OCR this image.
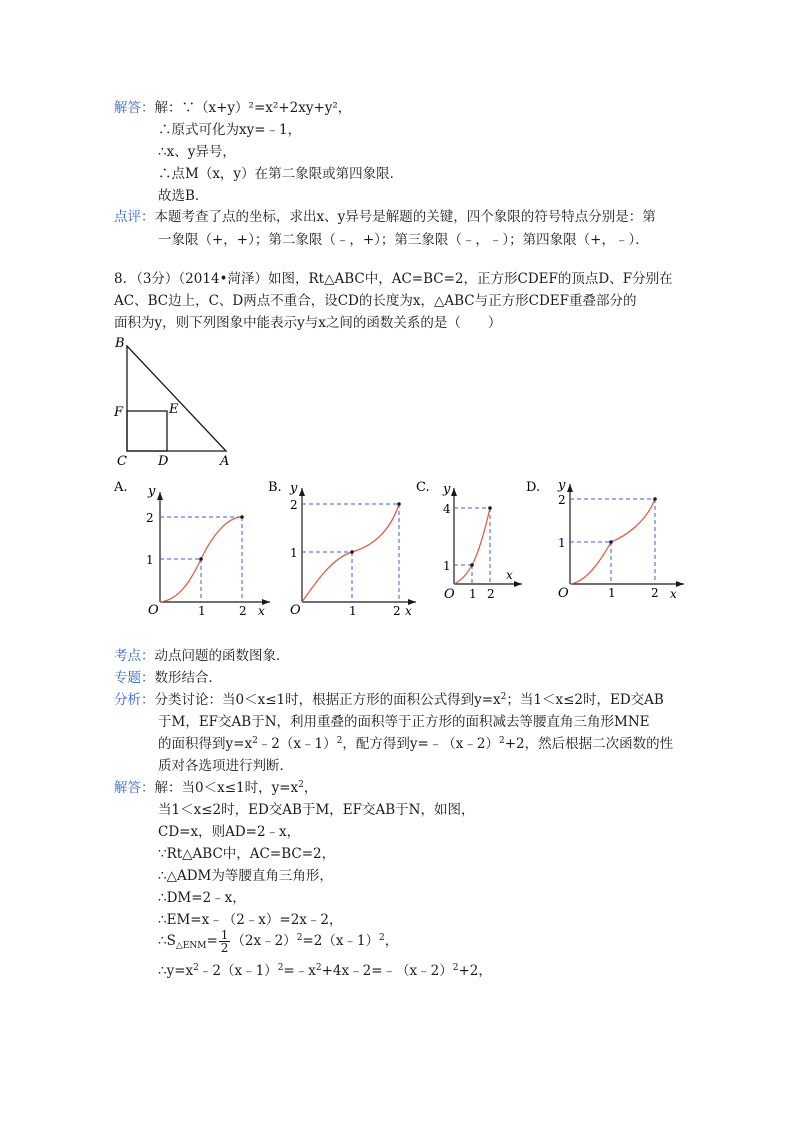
解答：解：∵（x+y）²=x²+2xy+y²，
∴原式可化为xy=﹣1，
∴x、y异号，
∴点M（x，y）在第二象限或第四象限．
故选B．
点评：本题考查了点的坐标，求出x、y异号是解题的关键，四个象限的符号特点分别是：第
一象限（+，+）；第二象限（﹣，+）；第三象限（﹣，﹣）；第四象限（+，﹣）．
8．（3分）（2014•菏泽）如图，Rt△ABC中，AC=BC=2，正方形CDEF的顶点D、F分别在
AC、BC边上，C、D两点不重合，设CD的长度为x，△ABC与正方形CDEF重叠部分的
面积为y，则下列图象中能表示y与x之间的函数关系的是（　　）
B
F	E
C D	A
A. y
x
O
1
2
1	2
B. y
x
O
1
2
1	2
C. y
x
O
1
4
1 2
D. y
x
O
1
2
1	2
考点：动点问题的函数图象．
专题：数形结合．
分析：分类讨论：当0＜x≤1时，根据正方形的面积公式得到$y=x^2$；当1＜x≤2时，ED交AB
于M，EF交AB于N，利用重叠的面积等于正方形的面积减去等腰直角三角形MNE
的面积得到$y=x^2﹣2(x﹣1)^2$，配方得到y=﹣（x﹣2）$^2$+2，然后根据二次函数的性
质对各选项进行判断．
解答：解：当0＜x≤1时，$y=x^2$，
当1＜x≤2时，ED交AB于M，EF交AB于N，如图，
CD=x，则AD=2﹣x，
∵Rt△ABC中，AC=BC=2，
∴△ADM为等腰直角三角形，
∴DM=2﹣x，
∴EM=x﹣（2﹣x）=2x﹣2，
$\therefore S_{\triangle ENM}= \frac{1}{2}$ （2x﹣2）$^2$=2（x﹣1）$^2$，
$\therefore y=x^2﹣2(x﹣1)^2=﹣x^2+4x﹣2=﹣(x﹣2)^2+2$，
